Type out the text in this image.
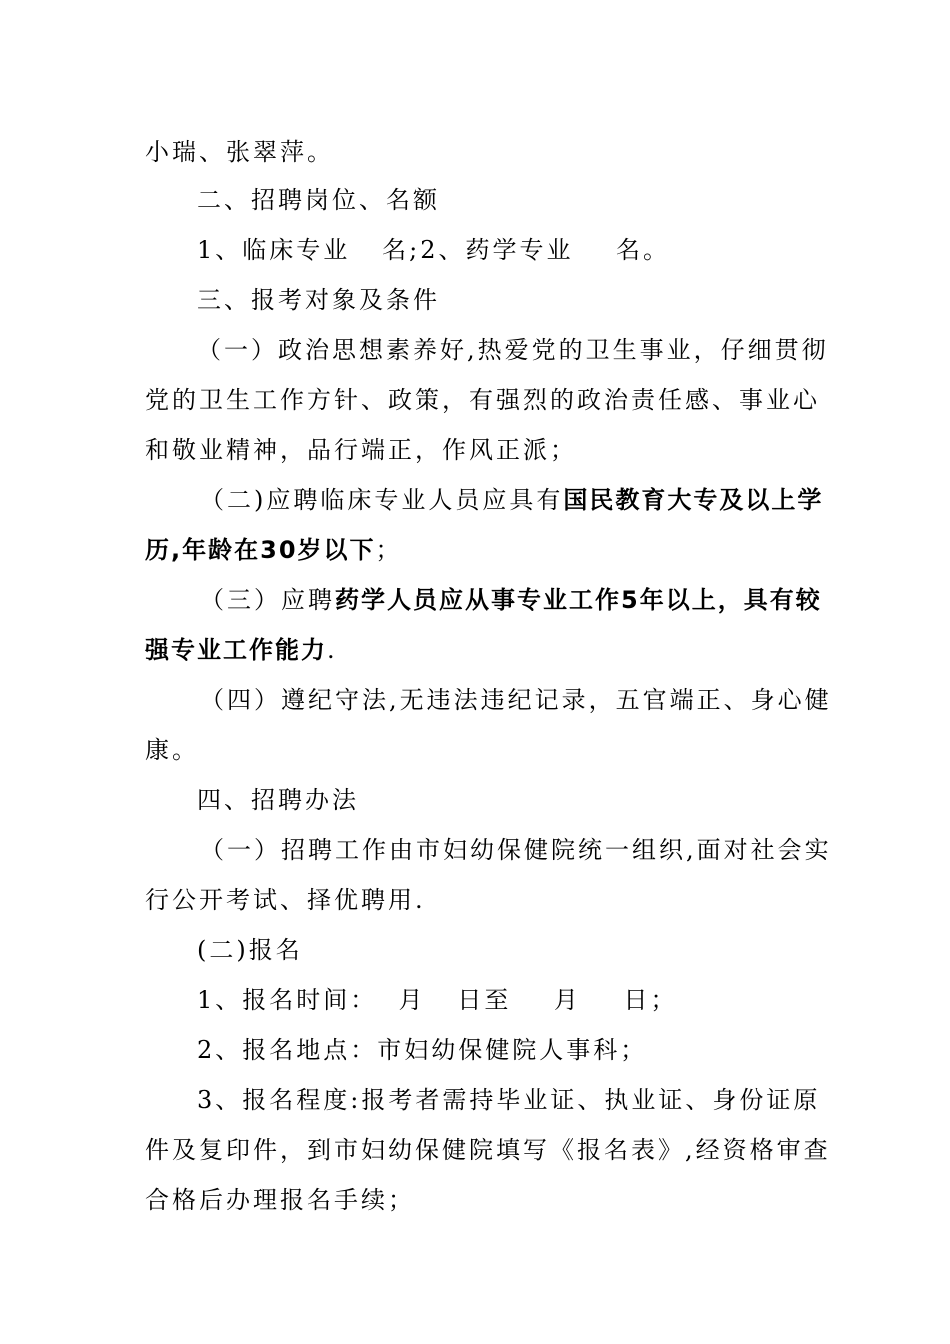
小瑞、张翠萍。
二、招聘岗位、名额
1、临床专业   名;2、药学专业    名。
三、报考对象及条件
（一）政治思想素养好,热爱党的卫生事业，仔细贯彻
党的卫生工作方针、政策，有强烈的政治责任感、事业心
和敬业精神，品行端正，作风正派；
（二)应聘临床专业人员应具有国民教育大专及以上学
历,年龄在30岁以下；
（三）应聘药学人员应从事专业工作5年以上，具有较
强专业工作能力.
（四）遵纪守法,无违法违纪记录，五官端正、身心健
康。
四、招聘办法
（一）招聘工作由市妇幼保健院统一组织,面对社会实
行公开考试、择优聘用.
(二)报名
1、报名时间：  月   日至    月    日；
2、报名地点：市妇幼保健院人事科；
3、报名程度:报考者需持毕业证、执业证、身份证原
件及复印件，到市妇幼保健院填写《报名表》,经资格审查
合格后办理报名手续；
